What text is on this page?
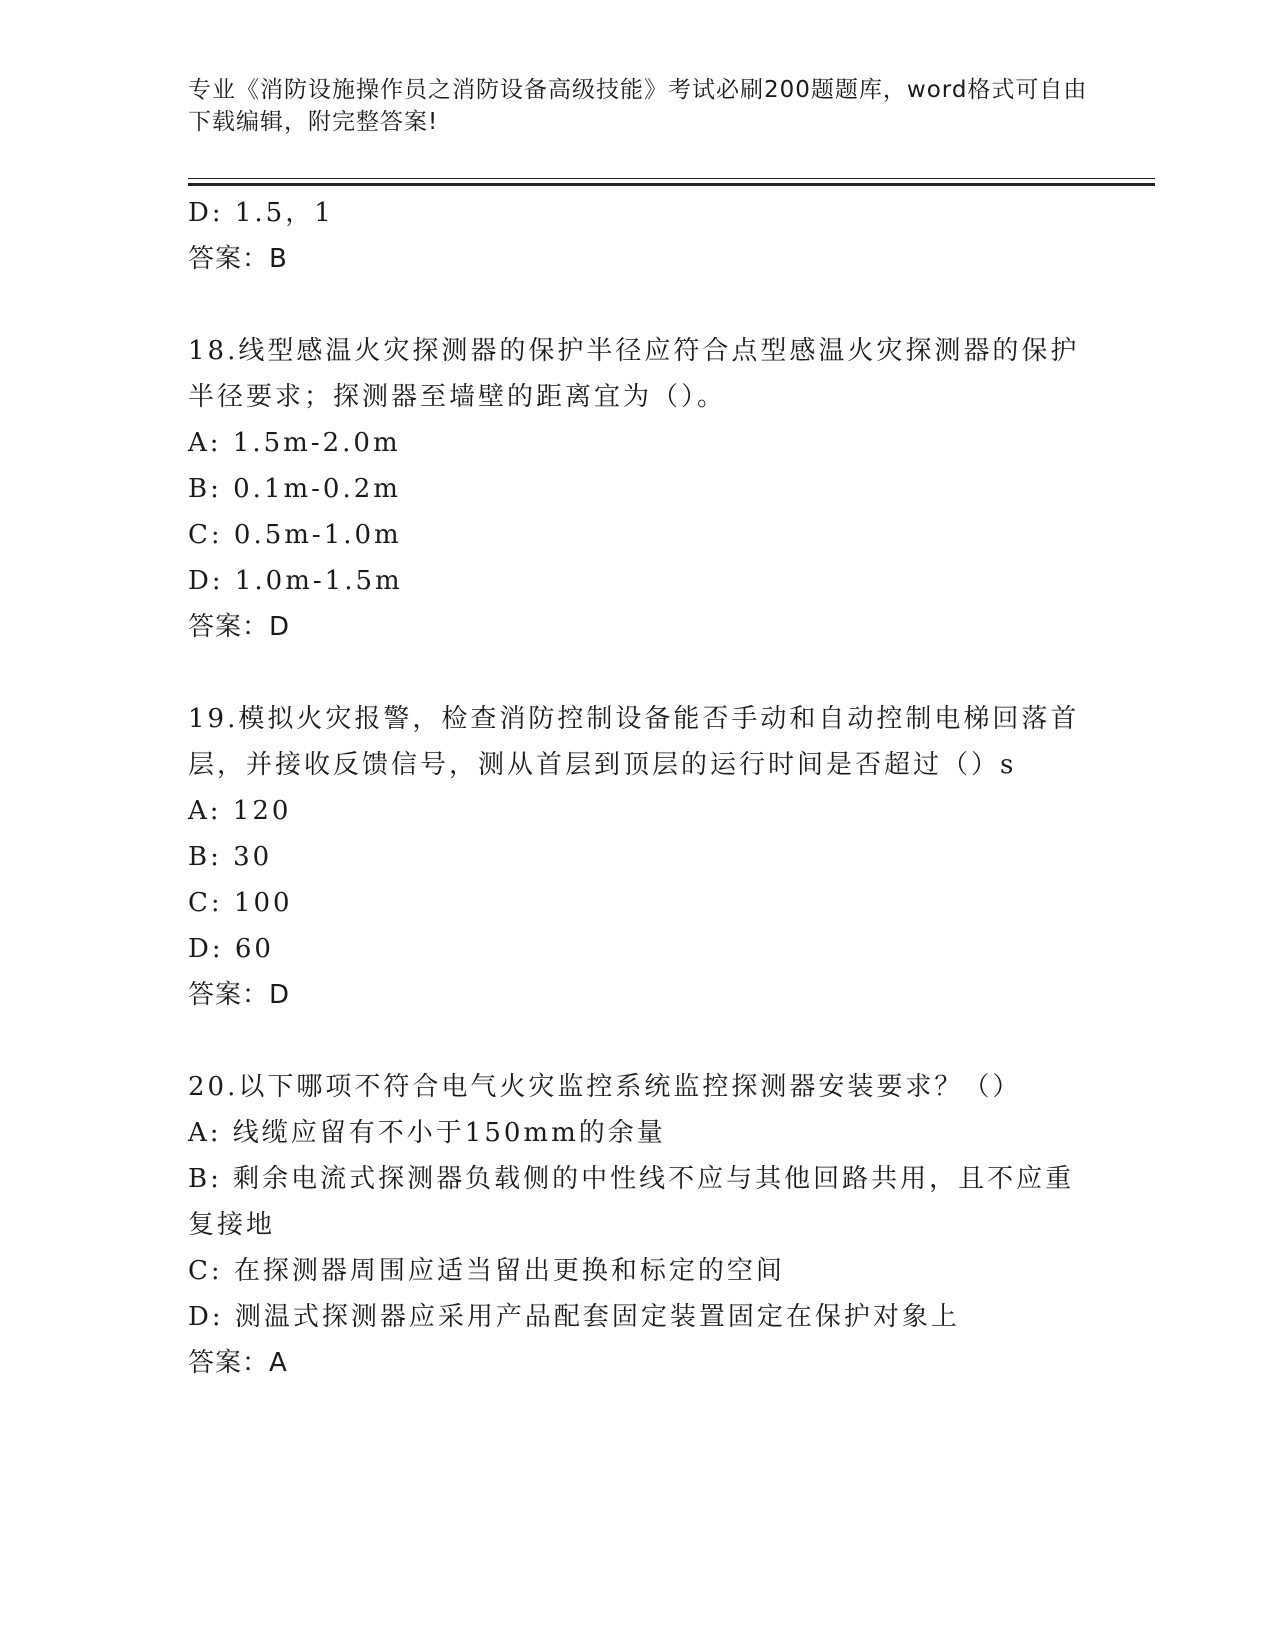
专业《消防设施操作员之消防设备高级技能》考试必刷200题题库，word格式可自由下载编辑，附完整答案!
D: 1.5，1
答案：B
18.线型感温火灾探测器的保护半径应符合点型感温火灾探测器的保护半径要求；探测器至墙壁的距离宜为（）。
A: 1.5m-2.0m
B: 0.1m-0.2m
C: 0.5m-1.0m
D: 1.0m-1.5m
答案：D
19.模拟火灾报警，检查消防控制设备能否手动和自动控制电梯回落首层，并接收反馈信号，测从首层到顶层的运行时间是否超过（）s
A: 120
B: 30
C: 100
D: 60
答案：D
20.以下哪项不符合电气火灾监控系统监控探测器安装要求？（）
A: 线缆应留有不小于150mm的余量
B: 剩余电流式探测器负载侧的中性线不应与其他回路共用，且不应重复接地
C: 在探测器周围应适当留出更换和标定的空间
D: 测温式探测器应采用产品配套固定装置固定在保护对象上
答案：A
